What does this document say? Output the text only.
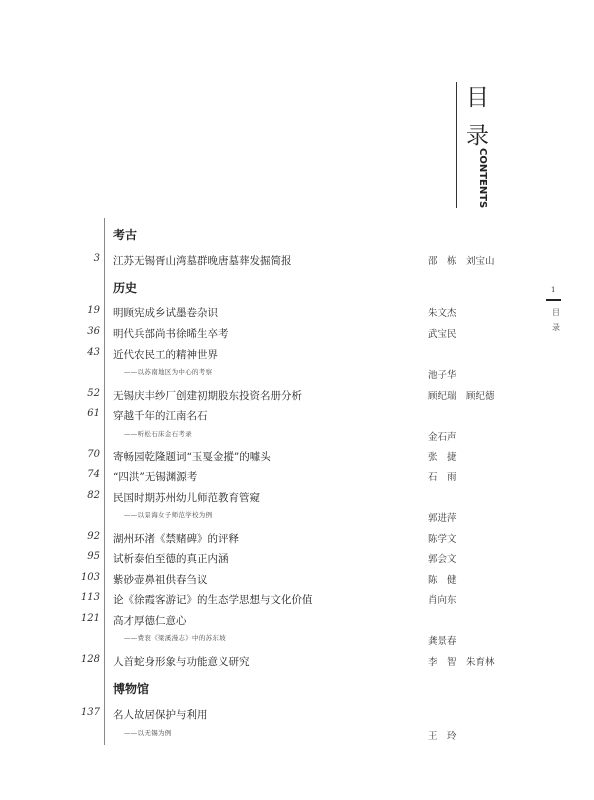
目
录
CONTENTS
1
目
录
考古
历史
博物馆
3 江苏无锡胥山湾墓群晚唐墓葬发掘简报	邵　栋　刘宝山
19 明顾宪成乡试墨卷杂识	朱文杰
36 明代兵部尚书徐晞生卒考	武宝民
43 近代农民工的精神世界
——以苏南地区为中心的考察	池子华
52 无锡庆丰纱厂创建初期股东投资名册分析	顾纪瑞　顾纪德
61 穿越千年的江南名石
——听松石床金石考录	金石声
70 寄畅园乾隆题词“玉戛金摐”的噱头	张　捷
74 “四洪”无锡渊源考	石　雨
82 民国时期苏州幼儿师范教育管窥
——以景海女子师范学校为例	郭进萍
92 湖州环渚《禁赌碑》的评释	陈学文
95 试析泰伯至德的真正内涵	郭会文
103 紫砂壶鼻祖供春刍议	陈　健
113 论《徐霞客游记》的生态学思想与文化价值	肖向东
121 高才厚德仁意心
——费衮《梁溪漫志》中的苏东坡	龚景春
128 人首蛇身形象与功能意义研究	李　智　朱育林
137 名人故居保护与利用
——以无锡为例	王　玲
